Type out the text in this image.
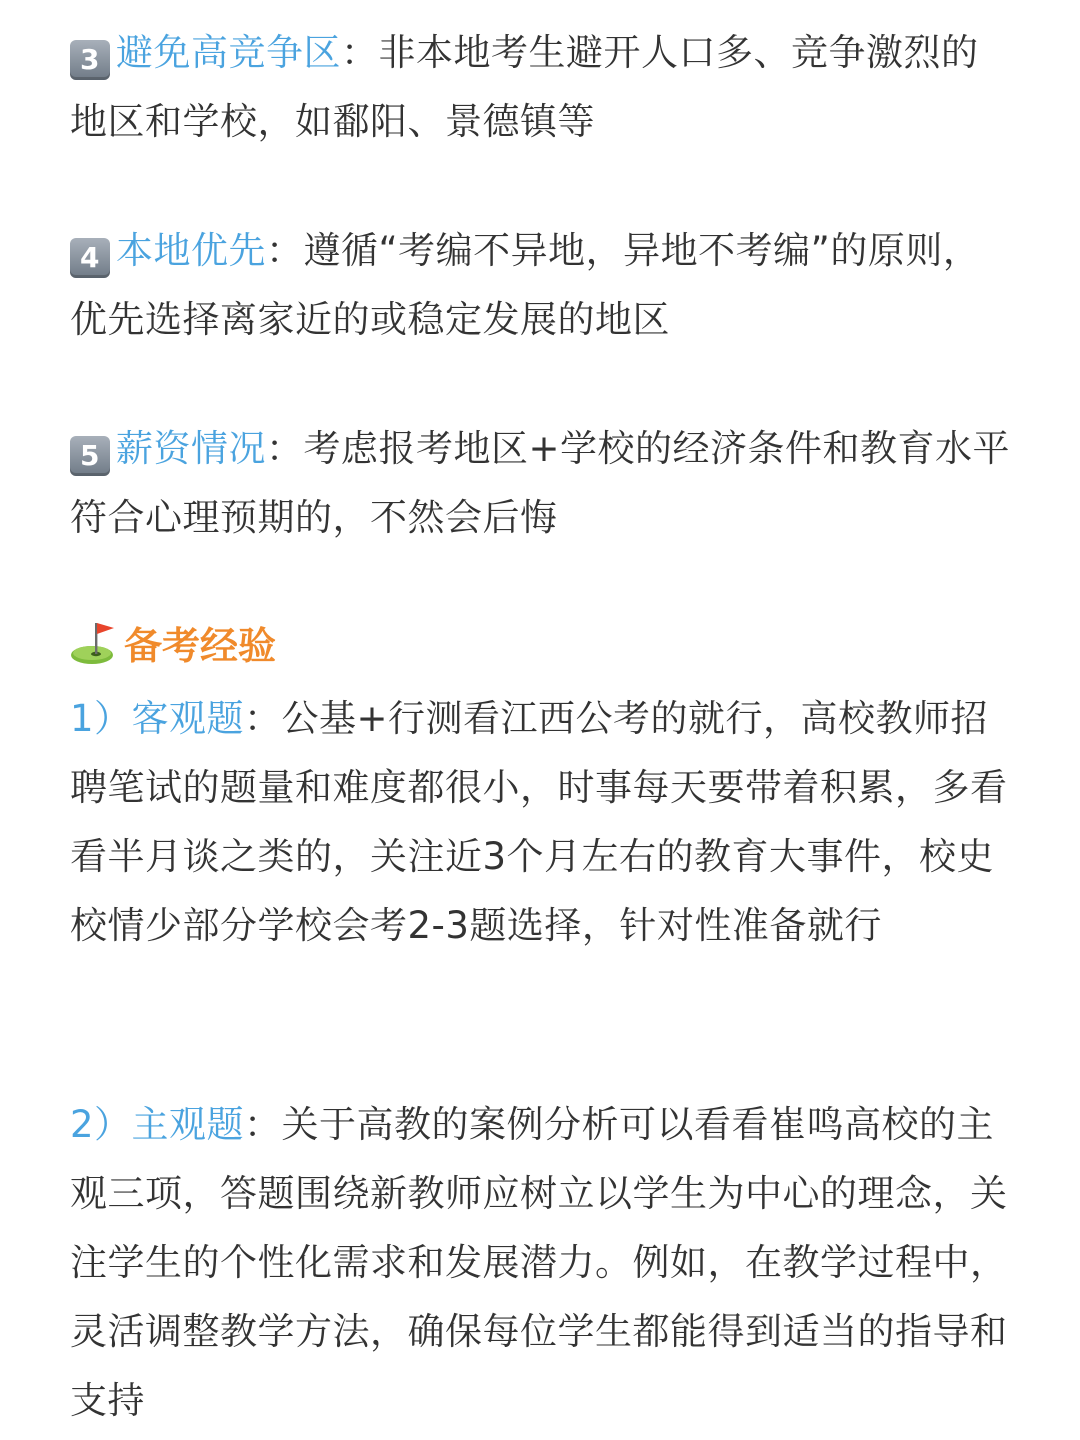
3 避免高竞争区：非本地考生避开人口多、竞争激烈的地区和学校，如鄱阳、景德镇等
4 本地优先：遵循“考编不异地，异地不考编”的原则，优先选择离家近的或稳定发展的地区
5 薪资情况：考虑报考地区+学校的经济条件和教育水平符合心理预期的，不然会后悔
备考经验
1）客观题：公基+行测看江西公考的就行，高校教师招聘笔试的题量和难度都很小，时事每天要带着积累，多看看半月谈之类的，关注近3个月左右的教育大事件，校史校情少部分学校会考2-3题选择，针对性准备就行
2）主观题：关于高教的案例分析可以看看崔鸣高校的主观三项，答题围绕新教师应树立以学生为中心的理念，关注学生的个性化需求和发展潜力。例如，在教学过程中，灵活调整教学方法，确保每位学生都能得到适当的指导和支持
